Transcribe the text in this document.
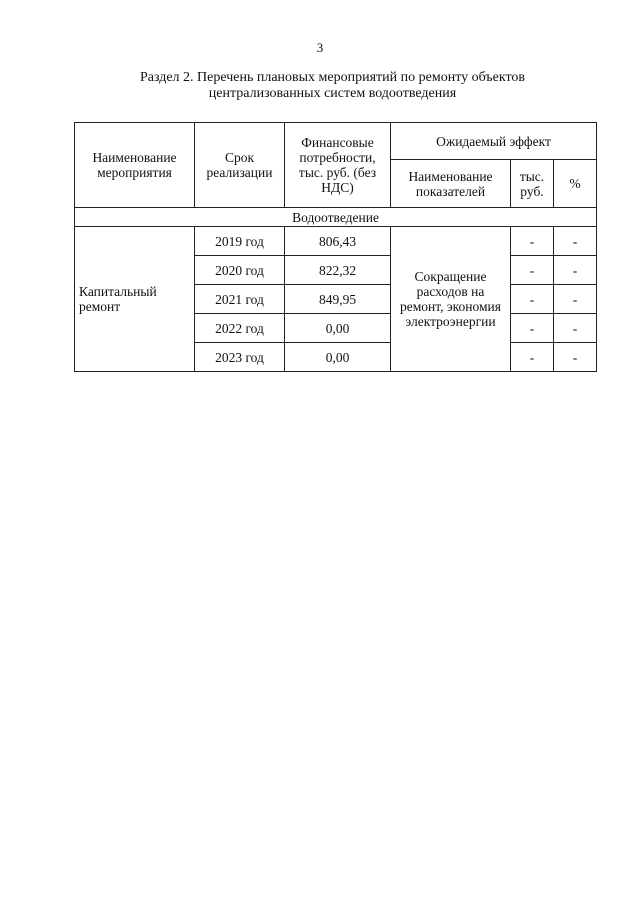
3
Раздел 2. Перечень плановых мероприятий по ремонту объектов
централизованных систем водоотведения
Наименование мероприятия	Срок реализации	Финансовые потребности, тыс. руб. (без НДС)	Ожидаемый эффект		
			Наименование показателей	тыс. руб.	%
Водоотведение					
Капитальный ремонт	2019 год	806,43	Сокращение расходов на ремонт, экономия электроэнергии	-	-
	2020 год	822,32		-	-
	2021 год	849,95		-	-
	2022 год	0,00		-	-
	2023 год	0,00		-	-
